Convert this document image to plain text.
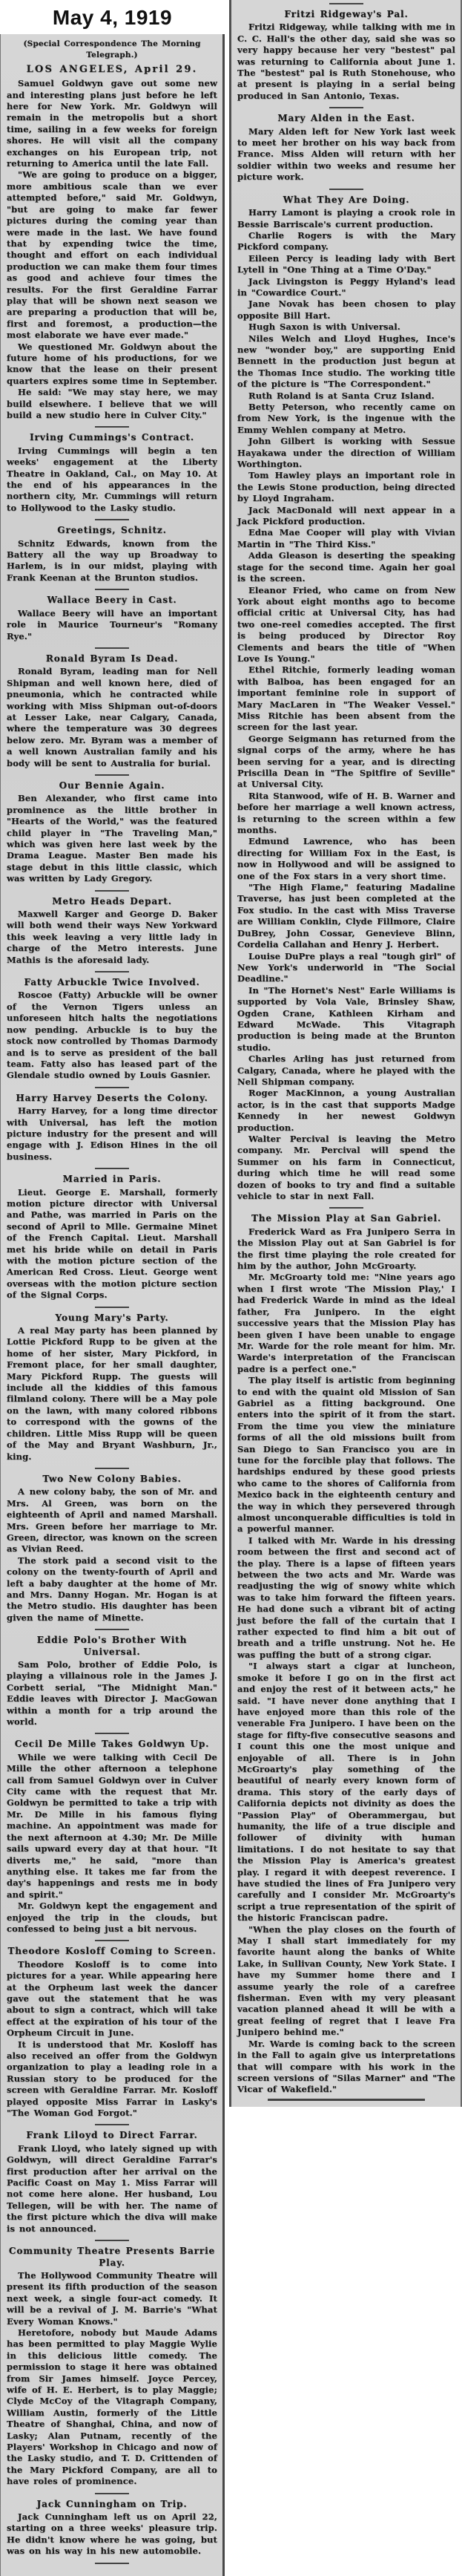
May 4, 1919
(Special Correspondence The Morning Telegraph.)
LOS ANGELES, April 29.

Samuel Goldwyn gave out some new and interesting plans just before he left here for New York. Mr. Goldwyn will remain in the metropolis but a short time, sailing in a few weeks for foreign shores. He will visit all the company exchanges on his European trip, not returning to America until the late Fall.

"We are going to produce on a bigger, more ambitious scale than we ever attempted before," said Mr. Goldwyn, "but are going to make far fewer pictures during the coming year than were made in the last. We have found that by expending twice the time, thought and effort on each individual production we can make them four times as good and achieve four times the results. For the first Geraldine Farrar play that will be shown next season we are preparing a production that will be, first and foremost, a production—the most elaborate we have ever made."

We questioned Mr. Goldwyn about the future home of his productions, for we know that the lease on their present quarters expires some time in September.

He said: "We may stay here, we may build elsewhere. I believe that we will build a new studio here in Culver City."

Irving Cummings's Contract.

Irving Cummings will begin a ten weeks' engagement at the Liberty Theatre in Oakland, Cal., on May 10. At the end of his appearances in the northern city, Mr. Cummings will return to Hollywood to the Lasky studio.

Greetings, Schnitz.

Schnitz Edwards, known from the Battery all the way up Broadway to Harlem, is in our midst, playing with Frank Keenan at the Brunton studios.

Wallace Beery in Cast.

Wallace Beery will have an important role in Maurice Tourneur's "Romany Rye."

Ronald Byram Is Dead.

Ronald Byram, leading man for Nell Shipman and well known here, died of pneumonia, which he contracted while working with Miss Shipman out-of-doors at Lesser Lake, near Calgary, Canada, where the temperature was 30 degrees below zero. Mr. Byram was a member of a well known Australian family and his body will be sent to Australia for burial.

Our Bennie Again.

Ben Alexander, who first came into prominence as the little brother in "Hearts of the World," was the featured child player in "The Traveling Man," which was given here last week by the Drama League. Master Ben made his stage debut in this little classic, which was written by Lady Gregory.

Metro Heads Depart.

Maxwell Karger and George D. Baker will both wend their ways New Yorkward this week leaving a very little lady in charge of the Metro interests. June Mathis is the aforesaid lady.

Fatty Arbuckle Twice Involved.

Roscoe (Fatty) Arbuckle will be owner of the Vernon Tigers unless an unforeseen hitch halts the negotiations now pending. Arbuckle is to buy the stock now controlled by Thomas Darmody and is to serve as president of the ball team. Fatty also has leased part of the Glendale studio owned by Louis Gasnier.

Harry Harvey Deserts the Colony.

Harry Harvey, for a long time director with Universal, has left the motion picture industry for the present and will engage with J. Edison Hines in the oil business.

Married in Paris.

Lieut. George E. Marshall, formerly motion picture director with Universal and Pathe, was married in Paris on the second of April to Mlle. Germaine Minet of the French Capital. Lieut. Marshall met his bride while on detail in Paris with the motion picture section of the American Red Cross. Lieut. George went overseas with the motion picture section of the Signal Corps.

Young Mary's Party.

A real May party has been planned by Lottie Pickford Rupp to be given at the home of her sister, Mary Pickford, in Fremont place, for her small daughter, Mary Pickford Rupp. The guests will include all the kiddies of this famous filmland colony. There will be a May pole on the lawn, with many colored ribbons to correspond with the gowns of the children. Little Miss Rupp will be queen of the May and Bryant Washburn, Jr., king.

Two New Colony Babies.

A new colony baby, the son of Mr. and Mrs. Al Green, was born on the eighteenth of April and named Marshall. Mrs. Green before her marriage to Mr. Green, director, was known on the screen as Vivian Reed.

The stork paid a second visit to the colony on the twenty-fourth of April and left a baby daughter at the home of Mr. and Mrs. Danny Hogan. Mr. Hogan is at the Metro studio. His daughter has been given the name of Minette.

Eddie Polo's Brother With Universal.

Sam Polo, brother of Eddie Polo, is playing a villainous role in the James J. Corbett serial, "The Midnight Man." Eddie leaves with Director J. MacGowan within a month for a trip around the world.

Cecil De Mille Takes Goldwyn Up.

While we were talking with Cecil De Mille the other afternoon a telephone call from Samuel Goldwyn over in Culver City came with the request that Mr. Goldwyn be permitted to take a trip with Mr. De Mille in his famous flying machine. An appointment was made for the next afternoon at 4.30; Mr. De Mille sails upward every day at that hour. "It diverts me," he said, "more than anything else. It takes me far from the day's happenings and rests me in body and spirit."

Mr. Goldwyn kept the engagement and enjoyed the trip in the clouds, but confessed to being just a bit nervous.

Theodore Kosloff Coming to Screen.

Theodore Kosloff is to come into pictures for a year. While appearing here at the Orpheum last week the dancer gave out the statement that he was about to sign a contract, which will take effect at the expiration of his tour of the Orpheum Circuit in June.

It is understood that Mr. Kosloff has also received an offer from the Goldwyn organization to play a leading role in a Russian story to be produced for the screen with Geraldine Farrar. Mr. Kosloff played opposite Miss Farrar in Lasky's "The Woman God Forgot."

Frank Liloyd to Direct Farrar.

Frank Lloyd, who lately signed up with Goldwyn, will direct Geraldine Farrar's first production after her arrival on the Pacific Coast on May 1. Miss Farrar will not come here alone. Her husband, Lou Tellegen, will be with her. The name of the first picture which the diva will make is not announced.

Community Theatre Presents Barrie Play.

The Hollywood Community Theatre will present its fifth production of the season next week, a single four-act comedy. It will be a revival of J. M. Barrie's "What Every Woman Knows."

Heretofore, nobody but Maude Adams has been permitted to play Maggie Wylie in this delicious little comedy. The permission to stage it here was obtained from Sir James himself. Joyce Percey, wife of H. E. Herbert, is to play Maggie; Clyde McCoy of the Vitagraph Company, William Austin, formerly of the Little Theatre of Shanghai, China, and now of Lasky; Alan Putnam, recently of the Players' Workshop in Chicago and now of the Lasky studio, and T. D. Crittenden of the Mary Pickford Company, are all to have roles of prominence.

Jack Cunningham on Trip.

Jack Cunningham left us on April 22, starting on a three weeks' pleasure trip. He didn't know where he was going, but was on his way in his new automobile.

Fritzi Ridgeway's Pal.

Fritzi Ridgeway, while talking with me in C. C. Hall's the other day, said she was so very happy because her very "bestest" pal was returning to California about June 1. The "bestest" pal is Ruth Stonehouse, who at present is playing in a serial being produced in San Antonio, Texas.

Mary Alden in the East.

Mary Alden left for New York last week to meet her brother on his way back from France. Miss Alden will return with her soldier within two weeks and resume her picture work.

What They Are Doing.

Harry Lamont is playing a crook role in Bessie Barriscale's current production.

Charlie Rogers is with the Mary Pickford company.

Eileen Percy is leading lady with Bert Lytell in "One Thing at a Time O'Day."

Jack Livingston is Peggy Hyland's lead in "Cowardice Court."

Jane Novak has been chosen to play opposite Bill Hart.

Hugh Saxon is with Universal.

Niles Welch and Lloyd Hughes, Ince's new "wonder boy," are supporting Enid Bennett in the production just begun at the Thomas Ince studio. The working title of the picture is "The Correspondent."

Ruth Roland is at Santa Cruz Island.

Betty Peterson, who recently came on from New York, is the ingenue with the Emmy Wehlen company at Metro.

John Gilbert is working with Sessue Hayakawa under the direction of William Worthington.

Tom Hawley plays an important role in the Lewis Stone production, being directed by Lloyd Ingraham.

Jack MacDonald will next appear in a Jack Pickford production.

Edna Mae Cooper will play with Vivian Martin in "The Third Kiss."

Adda Gleason is deserting the speaking stage for the second time. Again her goal is the screen.

Eleanor Fried, who came on from New York about eight months ago to become official critic at Universal City, has had two one-reel comedies accepted. The first is being produced by Director Roy Clements and bears the title of "When Love Is Young."

Ethel Ritchie, formerly leading woman with Balboa, has been engaged for an important feminine role in support of Mary MacLaren in "The Weaker Vessel." Miss Ritchie has been absent from the screen for the last year.

George Seigmann has returned from the signal corps of the army, where he has been serving for a year, and is directing Priscilla Dean in "The Spitfire of Seville" at Universal City.

Rita Stanwood, wife of H. B. Warner and before her marriage a well known actress, is returning to the screen within a few months.

Edmund Lawrence, who has been directing for William Fox in the East, is now in Hollywood and will be assigned to one of the Fox stars in a very short time.

"The High Flame," featuring Madaline Traverse, has just been completed at the Fox studio. In the cast with Miss Traverse are William Conklin, Clyde Fillmore, Claire DuBrey, John Cossar, Genevieve Blinn, Cordelia Callahan and Henry J. Herbert.

Louise DuPre plays a real "tough girl" of New York's underworld in "The Social Deadline."

In "The Hornet's Nest" Earle Williams is supported by Vola Vale, Brinsley Shaw, Ogden Crane, Kathleen Kirham and Edward McWade. This Vitagraph production is being made at the Brunton studio.

Charles Arling has just returned from Calgary, Canada, where he played with the Nell Shipman company.

Roger MacKinnon, a young Australian actor, is in the cast that supports Madge Kennedy in her newest Goldwyn production.

Walter Percival is leaving the Metro company. Mr. Percival will spend the Summer on his farm in Connecticut, during which time he will read some dozen of books to try and find a suitable vehicle to star in next Fall.

The Mission Play at San Gabriel.

Frederick Ward as Fra Junipero Serra in the Mission Play out at San Gabriel is for the first time playing the role created for him by the author, John McGroarty.

Mr. McGroarty told me: "Nine years ago when I first wrote 'The Mission Play,' I had Frederick Warde in mind as the ideal father, Fra Junipero. In the eight successive years that the Mission Play has been given I have been unable to engage Mr. Warde for the role meant for him. Mr. Warde's interpretation of the Franciscan padre is a perfect one."

The play itself is artistic from beginning to end with the quaint old Mission of San Gabriel as a fitting background. One enters into the spirit of it from the start. From the time you view the miniature forms of all the old missions built from San Diego to San Francisco you are in tune for the forcible play that follows. The hardships endured by these good priests who came to the shores of California from Mexico back in the eighteenth century and the way in which they persevered through almost unconquerable difficulties is told in a powerful manner.

I talked with Mr. Warde in his dressing room between the first and second act of the play. There is a lapse of fifteen years between the two acts and Mr. Warde was readjusting the wig of snowy white which was to take him forward the fifteen years. He had done such a vibrant bit of acting just before the fall of the curtain that I rather expected to find him a bit out of breath and a trifle unstrung. Not he. He was puffing the butt of a strong cigar.

"I always start a cigar at luncheon, smoke it before I go on in the first act and enjoy the rest of it between acts," he said. "I have never done anything that I have enjoyed more than this role of the venerable Fra Junipero. I have been on the stage for fifty-five consecutive seasons and I count this one the most unique and enjoyable of all. There is in John McGroarty's play something of the beautiful of nearly every known form of drama. This story of the early days of California depicts not divinity as does the "Passion Play" of Oberammergau, but humanity, the life of a true disciple and follower of divinity with human limitations. I do not hesitate to say that the Mission Play is America's greatest play. I regard it with deepest reverence. I have studied the lines of Fra Junipero very carefully and I consider Mr. McGroarty's script a true representation of the spirit of the historic Franciscan padre.

"When the play closes on the fourth of May I shall start immediately for my favorite haunt along the banks of White Lake, in Sullivan County, New York State. I have my Summer home there and I assume yearly the role of a carefree fisherman. Even with my very pleasant vacation planned ahead it will be with a great feeling of regret that I leave Fra Junipero behind me."

Mr. Warde is coming back to the screen in the Fall to again give us interpretations that will compare with his work in the screen versions of "Silas Marner" and "The Vicar of Wakefield."
